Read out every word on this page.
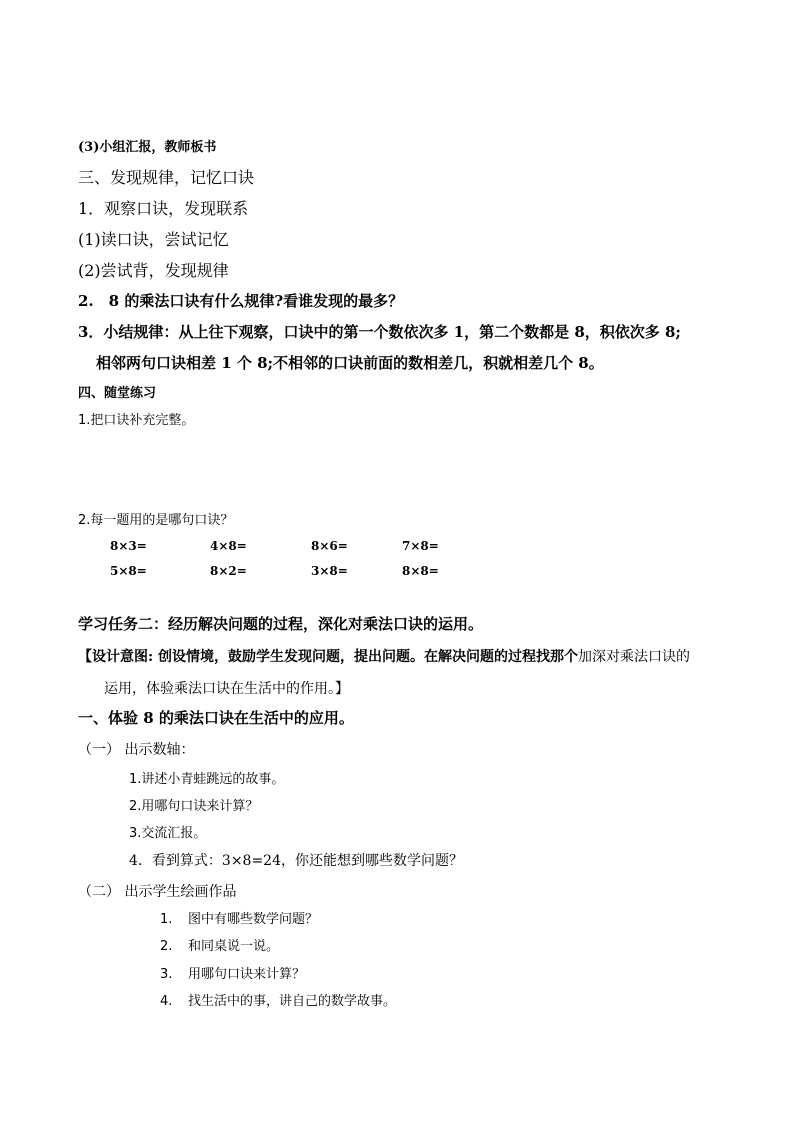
(3)小组汇报，教师板书
三、发现规律，记忆口诀
1．观察口诀，发现联系
(1)读口诀，尝试记忆
(2)尝试背，发现规律
2.　8 的乘法口诀有什么规律?看谁发现的最多？
3．小结规律：从上往下观察，口诀中的第一个数依次多 1，第二个数都是 8，积依次多 8;
相邻两句口诀相差 1 个 8;不相邻的口诀前面的数相差几，积就相差几个 8。
四、随堂练习
1.把口诀补充完整。
2.每一题用的是哪句口诀？
8×3=	4×8=	8×6=	7×8=
5×8=	8×2=	3×8=	8×8=
学习任务二：经历解决问题的过程，深化对乘法口诀的运用。
【设计意图: 创设情境，鼓励学生发现问题，提出问题。在解决问题的过程找那个加深对乘法口诀的
运用，体验乘法口诀在生活中的作用。】
一、体验 8 的乘法口诀在生活中的应用。
（一） 出示数轴：
1.讲述小青蛙跳远的故事。
2.用哪句口诀来计算？
3.交流汇报。
4．看到算式：3×8=24，你还能想到哪些数学问题？
（二） 出示学生绘画作品
1. 图中有哪些数学问题？
2. 和同桌说一说。
3. 用哪句口诀来计算？
4. 找生活中的事，讲自己的数学故事。
